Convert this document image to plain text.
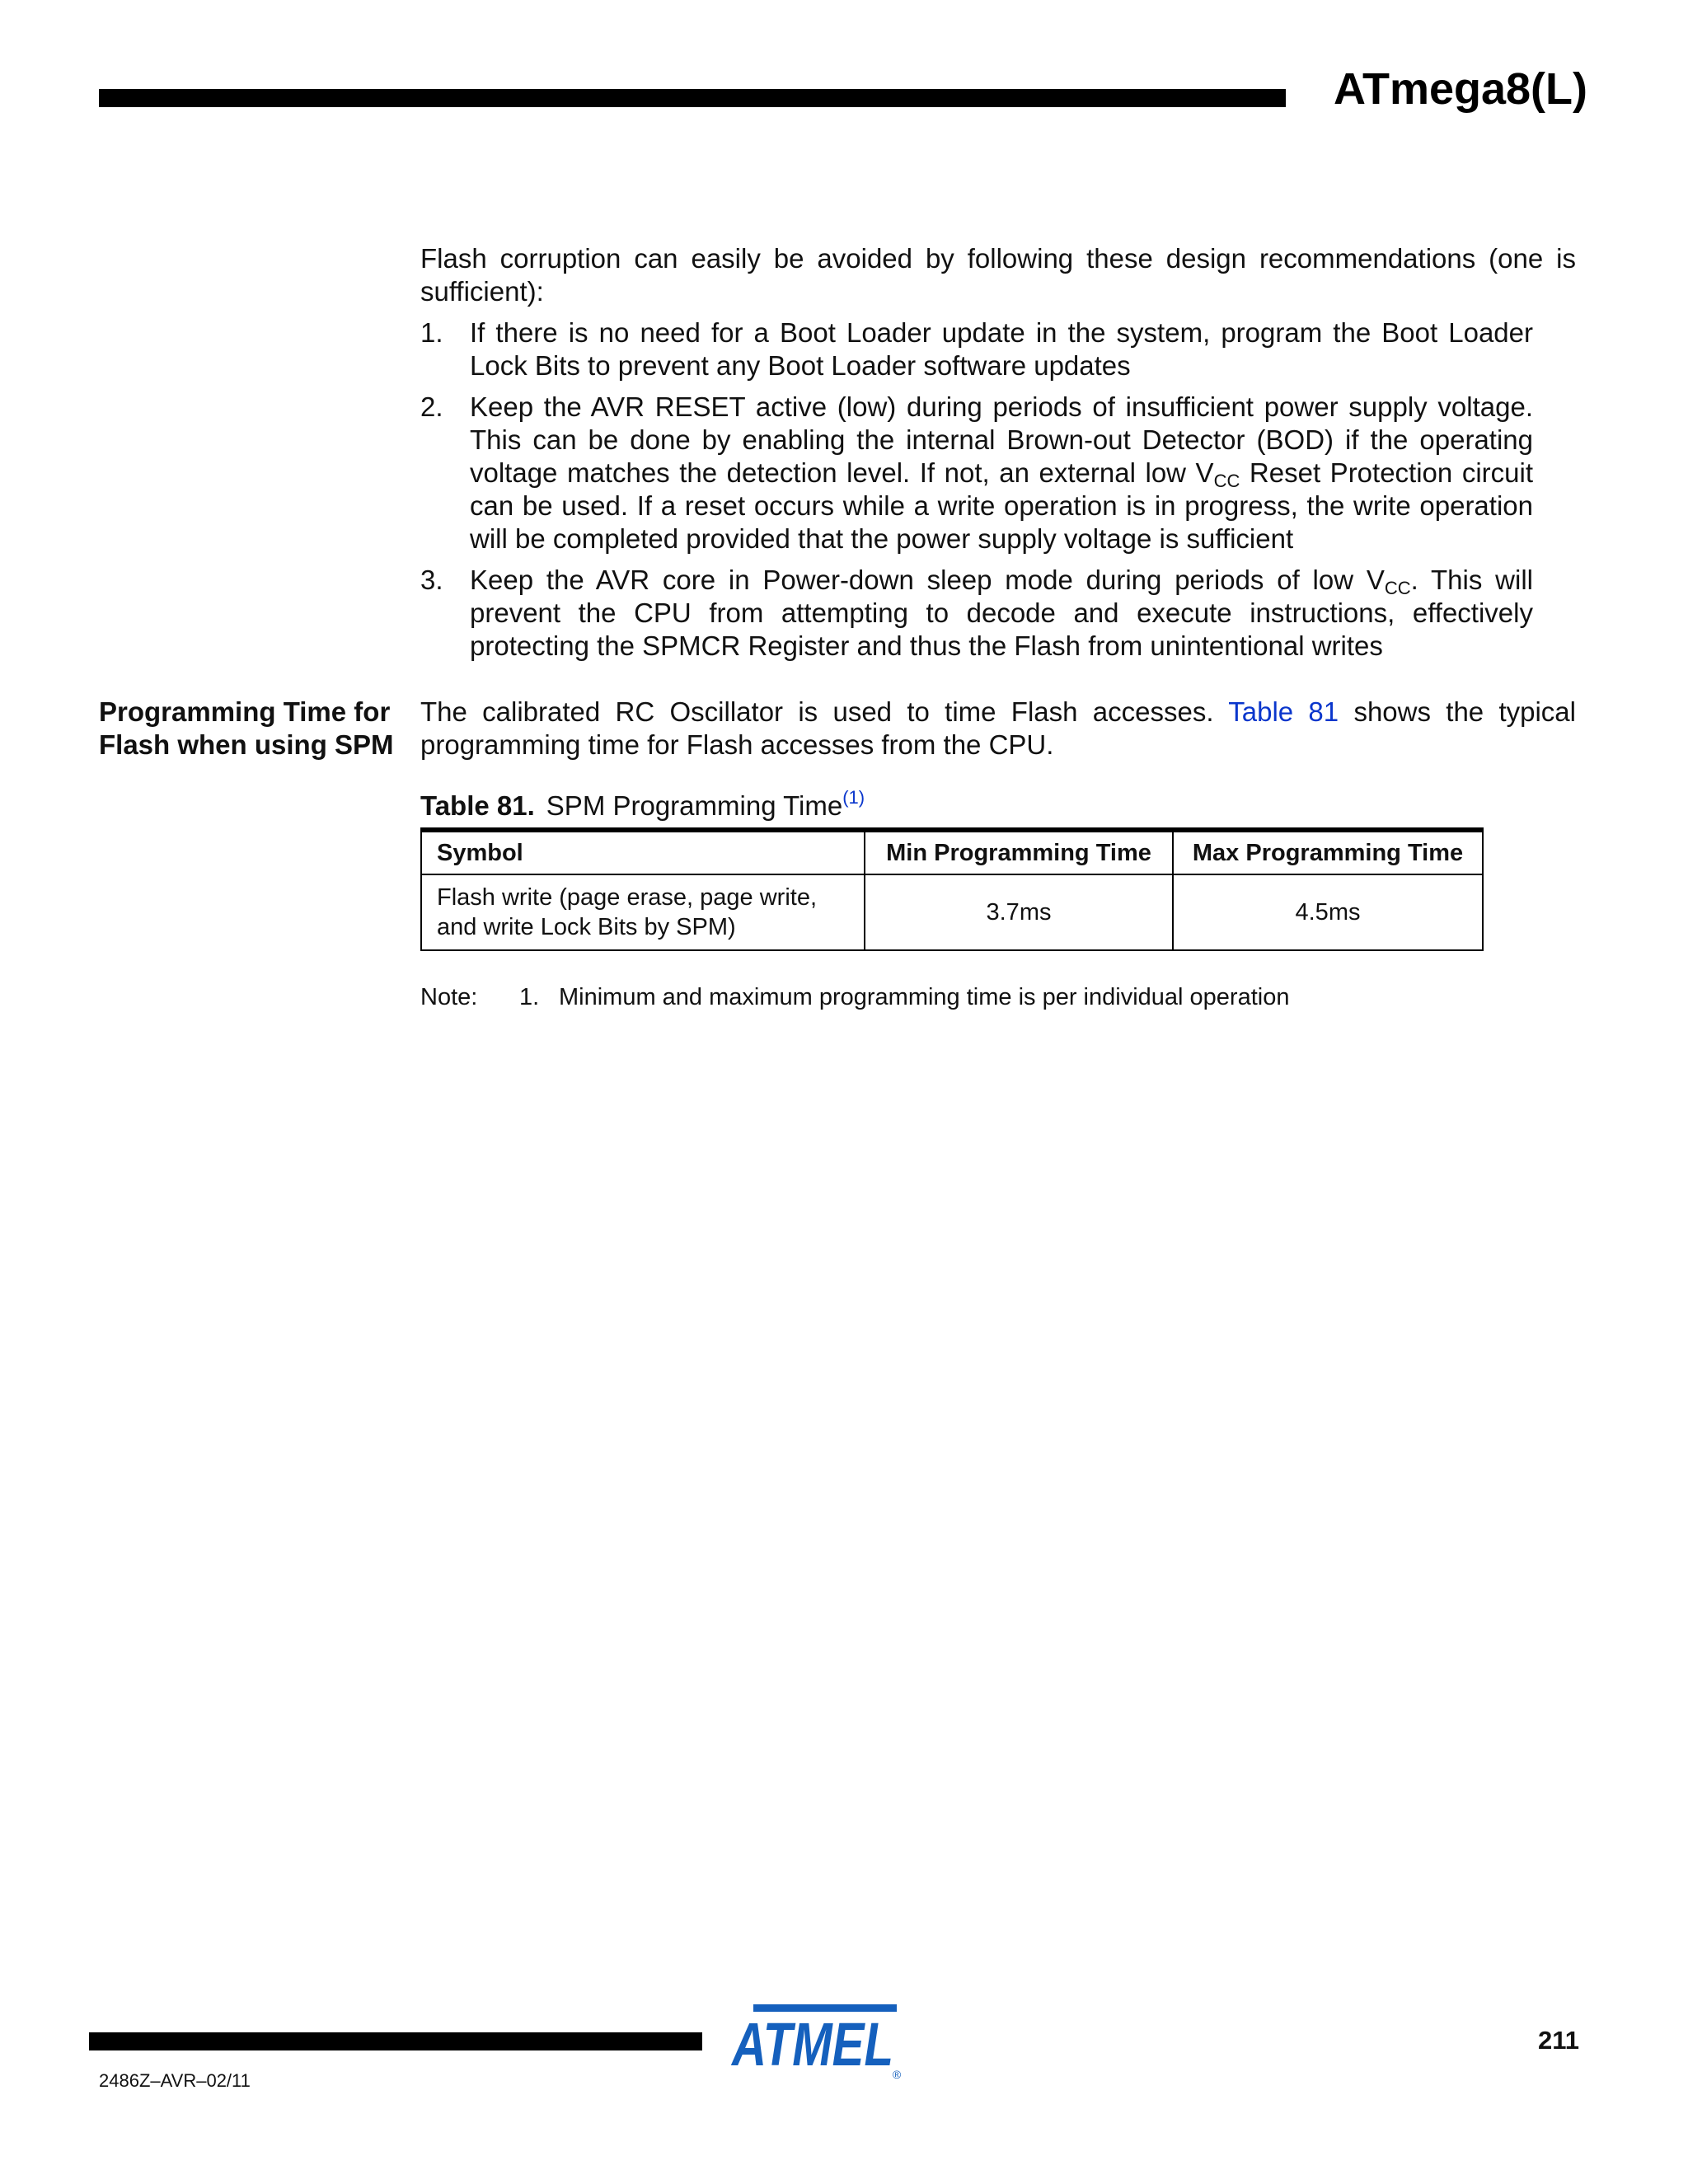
ATmega8(L)
Flash corruption can easily be avoided by following these design recommendations (one is sufficient):
1. If there is no need for a Boot Loader update in the system, program the Boot Loader Lock Bits to prevent any Boot Loader software updates
2. Keep the AVR RESET active (low) during periods of insufficient power supply voltage. This can be done by enabling the internal Brown-out Detector (BOD) if the operating voltage matches the detection level. If not, an external low $V_{CC}$ Reset Protection circuit can be used. If a reset occurs while a write operation is in progress, the write operation will be completed provided that the power supply voltage is sufficient
3. Keep the AVR core in Power-down sleep mode during periods of low $V_{CC}$. This will prevent the CPU from attempting to decode and execute instructions, effectively protecting the SPMCR Register and thus the Flash from unintentional writes
Programming Time for Flash when using SPM
The calibrated RC Oscillator is used to time Flash accesses. Table 81 shows the typical programming time for Flash accesses from the CPU.
Table 81. SPM Programming Time$^{(1)}$
Symbol	Min Programming Time	Max Programming Time
Flash write (page erase, page write, and write Lock Bits by SPM)	3.7ms	4.5ms
Note: 1. Minimum and maximum programming time is per individual operation
2486Z–AVR–02/11
211
ATMEL
®
